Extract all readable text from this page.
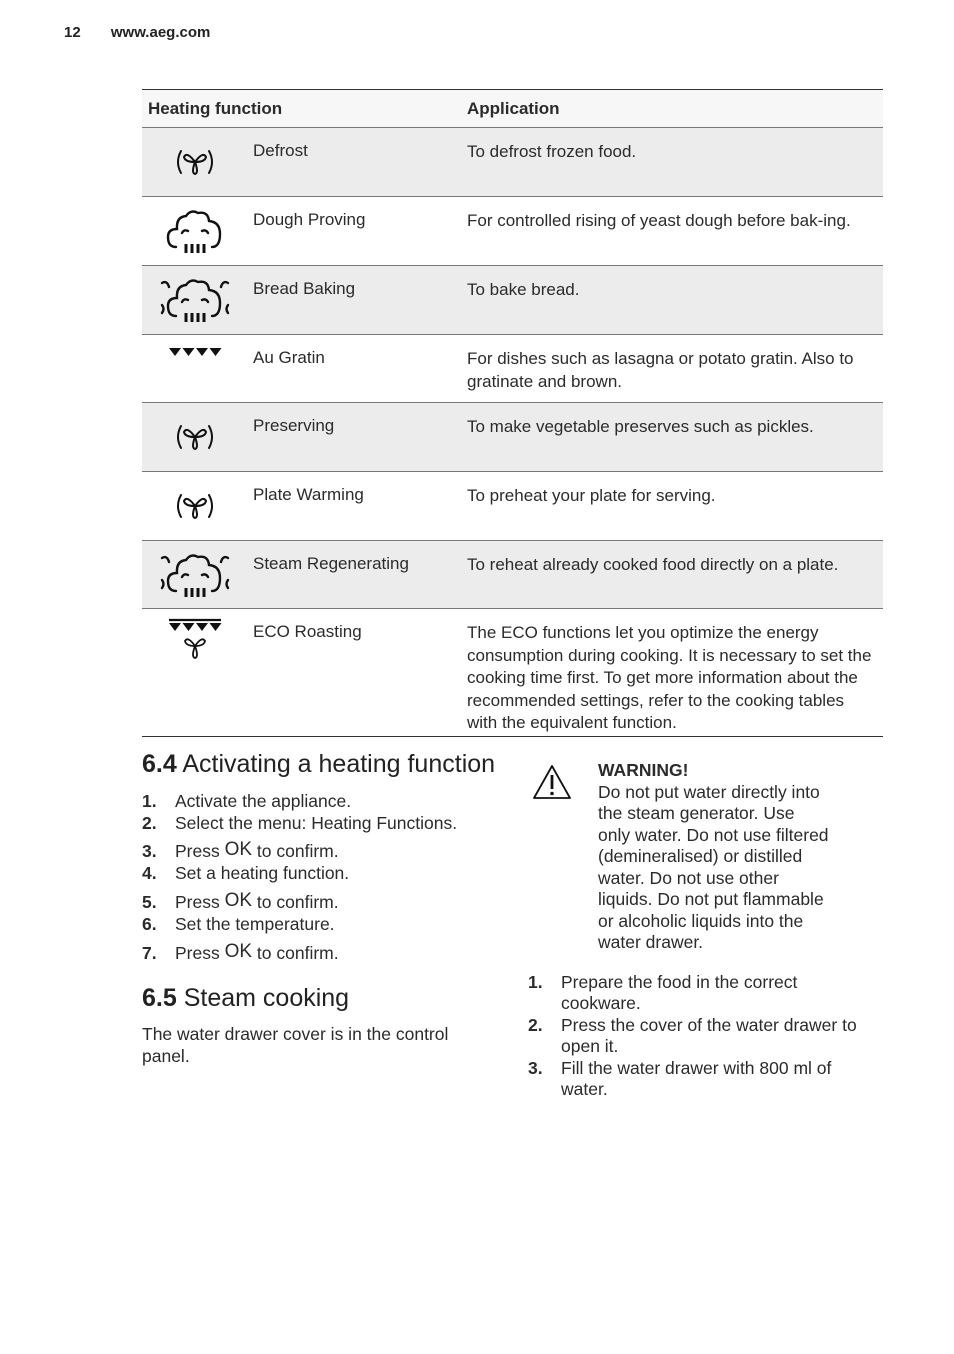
12 www.aeg.com
Heating function		Application

	Defrost	To defrost frozen food.

	Dough Proving	For controlled rising of yeast dough before bak-ing.

	Bread Baking	To bake bread.

	Au Gratin	For dishes such as lasagna or potato gratin. Also to gratinate and brown.

	Preserving	To make vegetable preserves such as pickles.

	Plate Warming	To preheat your plate for serving.

	Steam Regenerating	To reheat already cooked food directly on a plate.

	ECO Roasting	The ECO functions let you optimize the energy consumption during cooking. It is necessary to set the cooking time first. To get more information about the recommended settings, refer to the cooking tables with the equivalent function.
6.4 Activating a heating function
1. Activate the appliance.
2. Select the menu: Heating Functions.
3. Press OK to confirm.
4. Set a heating function.
5. Press OK to confirm.
6. Set the temperature.
7. Press OK to confirm.
6.5 Steam cooking

The water drawer cover is in the control panel.

WARNING!
Do not put water directly into the steam generator. Use only water. Do not use filtered (demineralised) or distilled water. Do not use other liquids. Do not put flammable or alcoholic liquids into the water drawer.
1. Prepare the food in the correct cookware.
2. Press the cover of the water drawer to open it.
3. Fill the water drawer with 800 ml of water.
